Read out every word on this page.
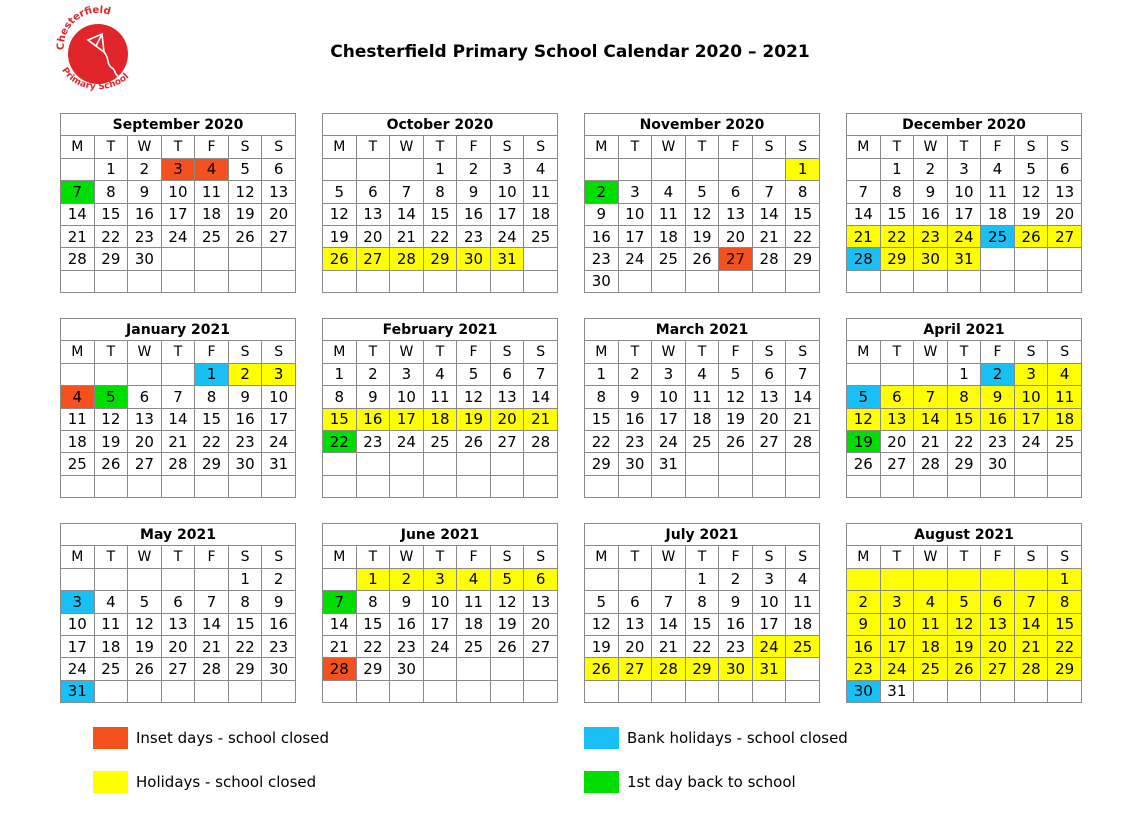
Chesterfield
Primary School
Chesterfield Primary School Calendar 2020 – 2021
September 2020						
M	T	W	T	F	S	S
	1	2	3	4	5	6
7	8	9	10	11	12	13
14	15	16	17	18	19	20
21	22	23	24	25	26	27
28	29	30				

October 2020						
M	T	W	T	F	S	S
			1	2	3	4
5	6	7	8	9	10	11
12	13	14	15	16	17	18
19	20	21	22	23	24	25
26	27	28	29	30	31	

November 2020						
M	T	W	T	F	S	S
						1
2	3	4	5	6	7	8
9	10	11	12	13	14	15
16	17	18	19	20	21	22
23	24	25	26	27	28	29
30						
December 2020						
M	T	W	T	F	S	S
	1	2	3	4	5	6
7	8	9	10	11	12	13
14	15	16	17	18	19	20
21	22	23	24	25	26	27
28	29	30	31			

January 2021						
M	T	W	T	F	S	S
				1	2	3
4	5	6	7	8	9	10
11	12	13	14	15	16	17
18	19	20	21	22	23	24
25	26	27	28	29	30	31

February 2021						
M	T	W	T	F	S	S
1	2	3	4	5	6	7
8	9	10	11	12	13	14
15	16	17	18	19	20	21
22	23	24	25	26	27	28

March 2021						
M	T	W	T	F	S	S
1	2	3	4	5	6	7
8	9	10	11	12	13	14
15	16	17	18	19	20	21
22	23	24	25	26	27	28
29	30	31				

April 2021						
M	T	W	T	F	S	S
			1	2	3	4
5	6	7	8	9	10	11
12	13	14	15	16	17	18
19	20	21	22	23	24	25
26	27	28	29	30		

May 2021						
M	T	W	T	F	S	S
					1	2
3	4	5	6	7	8	9
10	11	12	13	14	15	16
17	18	19	20	21	22	23
24	25	26	27	28	29	30
31						
June 2021						
M	T	W	T	F	S	S
	1	2	3	4	5	6
7	8	9	10	11	12	13
14	15	16	17	18	19	20
21	22	23	24	25	26	27
28	29	30				

July 2021						
M	T	W	T	F	S	S
			1	2	3	4
5	6	7	8	9	10	11
12	13	14	15	16	17	18
19	20	21	22	23	24	25
26	27	28	29	30	31	

August 2021						
M	T	W	T	F	S	S
						1
2	3	4	5	6	7	8
9	10	11	12	13	14	15
16	17	18	19	20	21	22
23	24	25	26	27	28	29
30	31					
Inset days - school closed	Bank holidays - school closed
Holidays - school closed	1st day back to school
